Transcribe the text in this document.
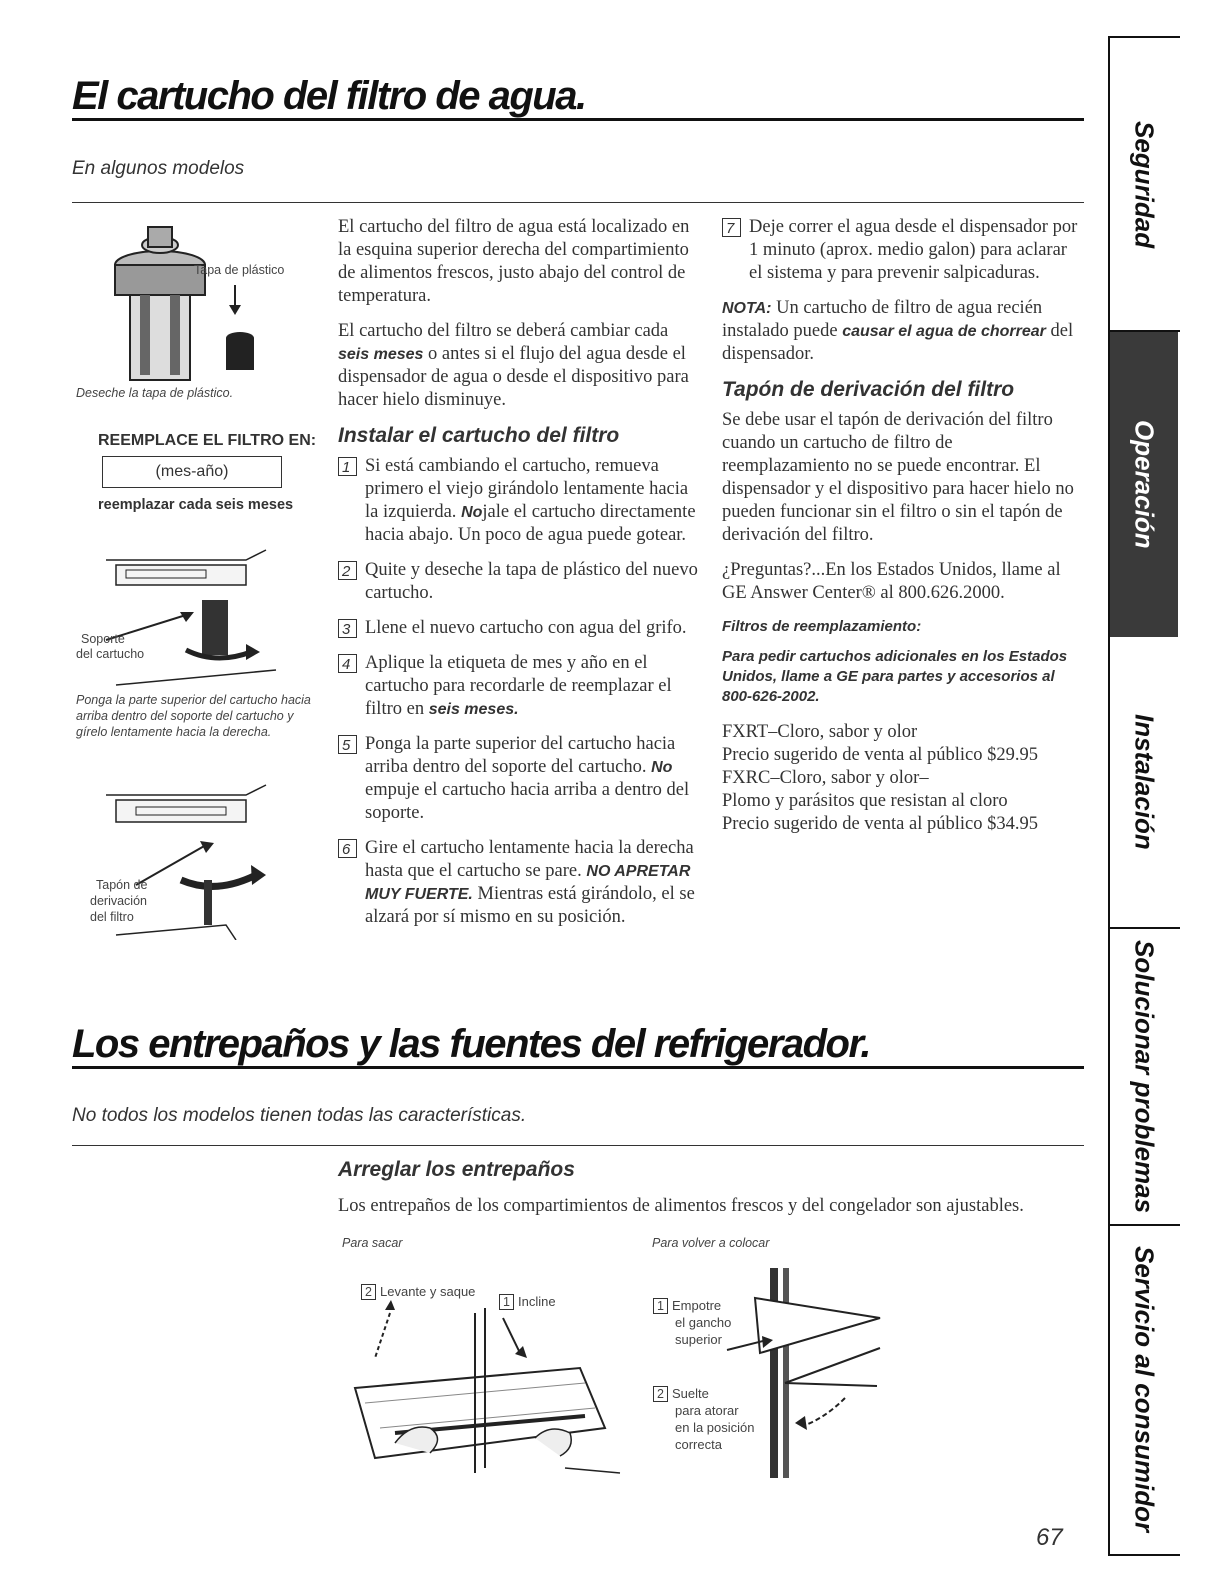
El cartucho del filtro de agua.
En algunos modelos
Tapa de plástico
Deseche la tapa de plástico.
REEMPLACE EL FILTRO EN:
(mes-año)
reemplazar cada seis meses
Soporte
del cartucho
Ponga la parte superior del cartucho hacia arriba dentro del soporte del cartucho y gírelo lentamente hacia la derecha.
Tapón de
derivación
del filtro

El cartucho del filtro de agua está localizado en la esquina superior derecha del compartimiento de alimentos frescos, justo abajo del control de temperatura.

El cartucho del filtro se deberá cambiar cada seis meses o antes si el flujo del agua desde el dispensador de agua o desde el dispositivo para hacer hielo disminuye.

Instalar el cartucho del filtro
1 Si está cambiando el cartucho, remueva primero el viejo girándolo lentamente hacia la izquierda. Nojale el cartucho directamente hacia abajo. Un poco de agua puede gotear.
2 Quite y deseche la tapa de plástico del nuevo cartucho.
3 Llene el nuevo cartucho con agua del grifo.
4 Aplique la etiqueta de mes y año en el cartucho para recordarle de reemplazar el filtro en seis meses.
5 Ponga la parte superior del cartucho hacia arriba dentro del soporte del cartucho. No empuje el cartucho hacia arriba a dentro del soporte.
6 Gire el cartucho lentamente hacia la derecha hasta que el cartucho se pare. NO APRETAR MUY FUERTE. Mientras está girándolo, el se alzará por sí mismo en su posición.
7 Deje correr el agua desde el dispensador por 1 minuto (aprox. medio galon) para aclarar el sistema y para prevenir salpicaduras.

NOTA: Un cartucho de filtro de agua recién instalado puede causar el agua de chorrear del dispensador.

Tapón de derivación del filtro

Se debe usar el tapón de derivación del filtro cuando un cartucho de filtro de reemplazamiento no se puede encontrar. El dispensador y el dispositivo para hacer hielo no pueden funcionar sin el filtro o sin el tapón de derivación del filtro.

¿Preguntas?...En los Estados Unidos, llame al GE Answer Center® al 800.626.2000.

Filtros de reemplazamiento:
Para pedir cartuchos adicionales en los Estados Unidos, llame a GE para partes y accesorios al 800-626-2002.
FXRT–Cloro, sabor y olor
Precio sugerido de venta al público $29.95
FXRC–Cloro, sabor y olor–
Plomo y parásitos que resistan al cloro
Precio sugerido de venta al público $34.95
Los entrepaños y las fuentes del refrigerador.
No todos los modelos tienen todas las características.
Arreglar los entrepaños
Los entrepaños de los compartimientos de alimentos frescos y del congelador son ajustables.
Para sacar	Para volver a colocar
2 Levante y saque
1 Incline	1 Empotre
el gancho
superior
2 Suelte
para atorar
en la posición
correcta
67
Seguridad
Operación
Instalación
Solucionar problemas
Servicio al consumidor
